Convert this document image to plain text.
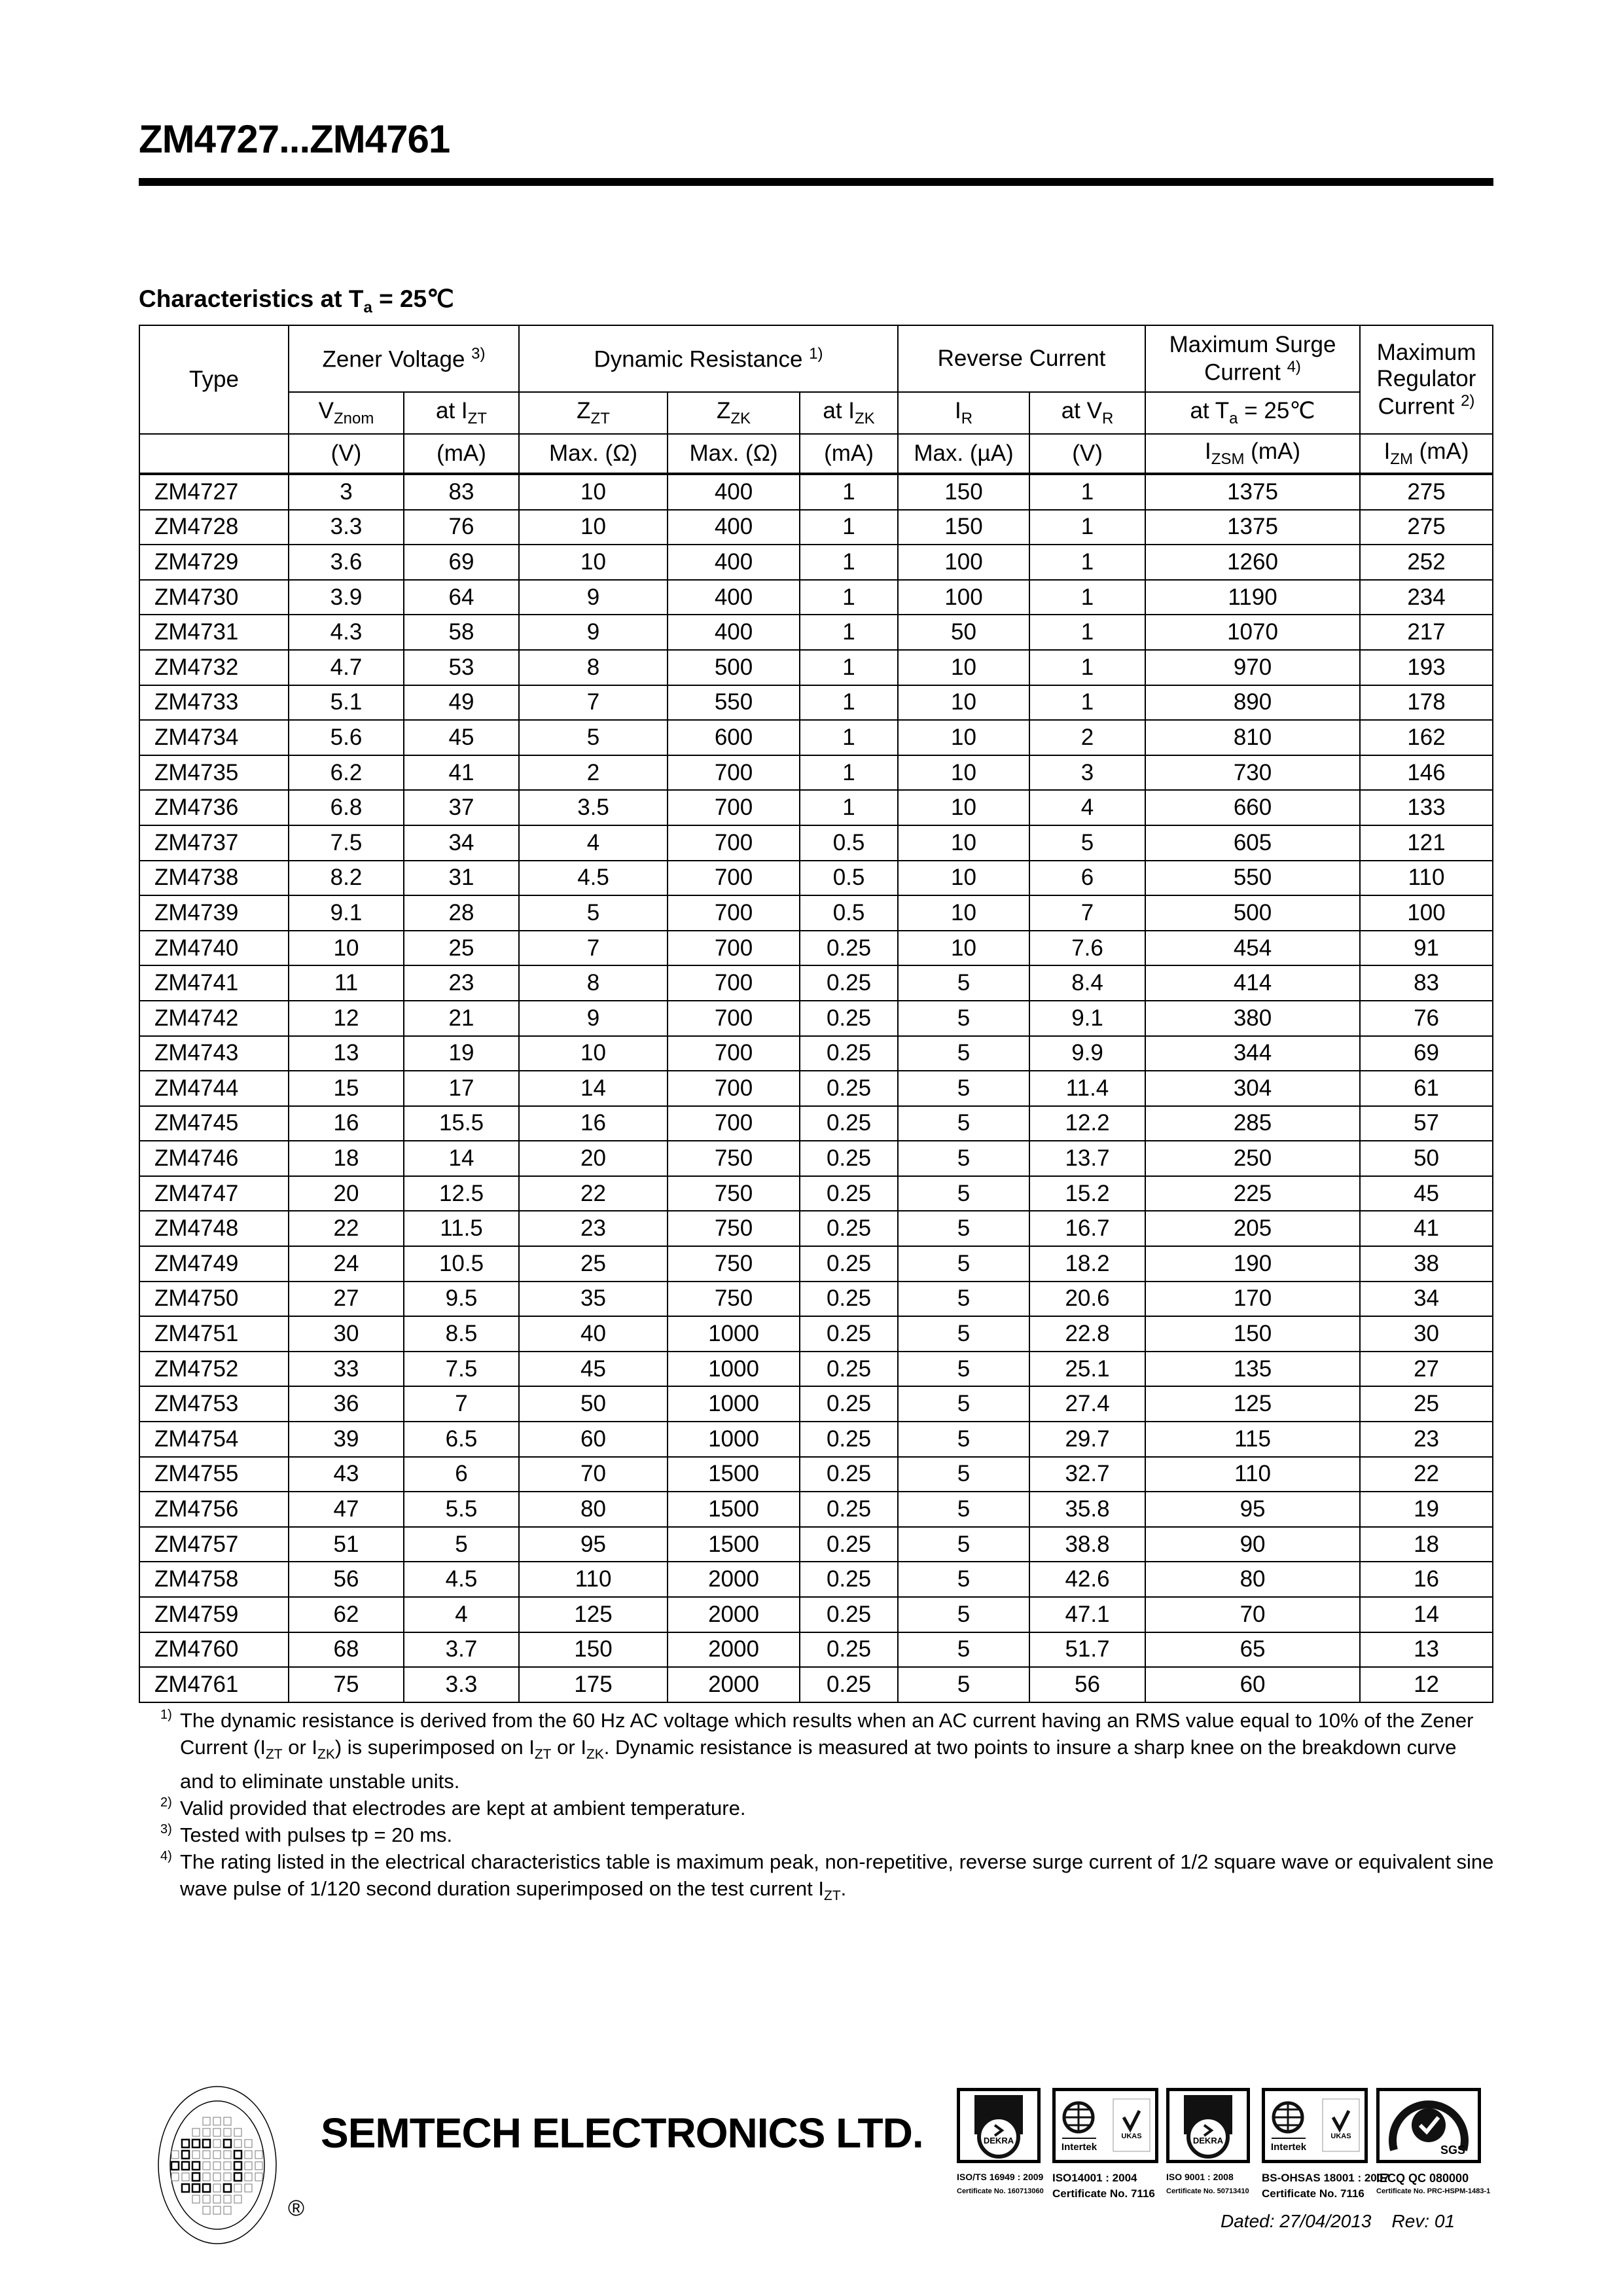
ZM4727...ZM4761
Characteristics at $T_a$ = 25℃
Type	Zener Voltage $^{3)}$		Dynamic Resistance $^{1)}$			Reverse Current		Maximum Surge Current $^{4)}$	Maximum Regulator Current $^{2)}$
	$V_{Znom}$	at $I_{ZT}$	$Z_{ZT}$	$Z_{ZK}$	at $I_{ZK}$	$I_R$	at $V_R$	at $T_a$ = 25℃	
	(V)	(mA)	Max. (Ω)	Max. (Ω)	(mA)	Max. (µA)	(V)	$I_{ZSM}$ (mA)	$I_{ZM}$ (mA)
ZM4727	3	83	10	400	1	150	1	1375	275
ZM4728	3.3	76	10	400	1	150	1	1375	275
ZM4729	3.6	69	10	400	1	100	1	1260	252
ZM4730	3.9	64	9	400	1	100	1	1190	234
ZM4731	4.3	58	9	400	1	50	1	1070	217
ZM4732	4.7	53	8	500	1	10	1	970	193
ZM4733	5.1	49	7	550	1	10	1	890	178
ZM4734	5.6	45	5	600	1	10	2	810	162
ZM4735	6.2	41	2	700	1	10	3	730	146
ZM4736	6.8	37	3.5	700	1	10	4	660	133
ZM4737	7.5	34	4	700	0.5	10	5	605	121
ZM4738	8.2	31	4.5	700	0.5	10	6	550	110
ZM4739	9.1	28	5	700	0.5	10	7	500	100
ZM4740	10	25	7	700	0.25	10	7.6	454	91
ZM4741	11	23	8	700	0.25	5	8.4	414	83
ZM4742	12	21	9	700	0.25	5	9.1	380	76
ZM4743	13	19	10	700	0.25	5	9.9	344	69
ZM4744	15	17	14	700	0.25	5	11.4	304	61
ZM4745	16	15.5	16	700	0.25	5	12.2	285	57
ZM4746	18	14	20	750	0.25	5	13.7	250	50
ZM4747	20	12.5	22	750	0.25	5	15.2	225	45
ZM4748	22	11.5	23	750	0.25	5	16.7	205	41
ZM4749	24	10.5	25	750	0.25	5	18.2	190	38
ZM4750	27	9.5	35	750	0.25	5	20.6	170	34
ZM4751	30	8.5	40	1000	0.25	5	22.8	150	30
ZM4752	33	7.5	45	1000	0.25	5	25.1	135	27
ZM4753	36	7	50	1000	0.25	5	27.4	125	25
ZM4754	39	6.5	60	1000	0.25	5	29.7	115	23
ZM4755	43	6	70	1500	0.25	5	32.7	110	22
ZM4756	47	5.5	80	1500	0.25	5	35.8	95	19
ZM4757	51	5	95	1500	0.25	5	38.8	90	18
ZM4758	56	4.5	110	2000	0.25	5	42.6	80	16
ZM4759	62	4	125	2000	0.25	5	47.1	70	14
ZM4760	68	3.7	150	2000	0.25	5	51.7	65	13
ZM4761	75	3.3	175	2000	0.25	5	56	60	12
1) The dynamic resistance is derived from the 60 Hz AC voltage which results when an AC current having an RMS value equal to 10% of the Zener Current ($I_{ZT}$ or $I_{ZK}$) is superimposed on $I_{ZT}$ or $I_{ZK}$. Dynamic resistance is measured at two points to insure a sharp knee on the breakdown curve and to eliminate unstable units.
2) Valid provided that electrodes are kept at ambient temperature.
3) Tested with pulses tp = 20 ms.
4) The rating listed in the electrical characteristics table is maximum peak, non-repetitive, reverse surge current of 1/2 square wave or equivalent sine wave pulse of 1/120 second duration superimposed on the test current $I_{ZT}$.
®
SEMTECH ELECTRONICS LTD.	DEKRA
ISO/TS 16949 : 2009
Certificate No. 160713060
Intertek
UKAS
ISO14001 : 2004
Certificate No. 7116
DEKRA
ISO 9001 : 2008
Certificate No. 50713410
Intertek
UKAS
BS-OHSAS 18001 : 2007
Certificate No. 7116
SGS
IECQ QC 080000
Certificate No. PRC-HSPM-1483-1
Dated: 27/04/2013 Rev: 01
